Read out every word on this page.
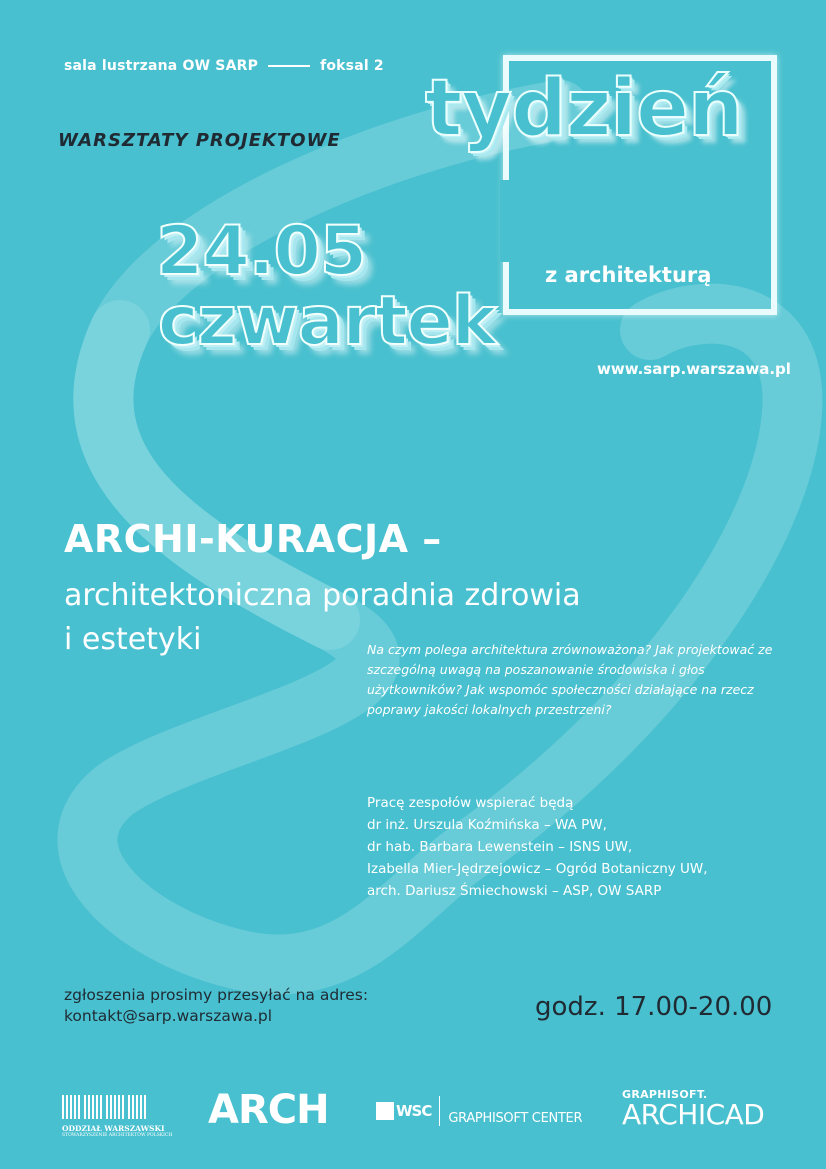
sala lustrzana OW SARP	foksal 2
WARSZTATY PROJEKTOWE tydzień
z architekturą
24.05
czwartek
www.sarp.warszawa.pl
ARCHI-KURACJA –
architektoniczna poradnia zdrowia
i estetyki	Na czym polega architektura zrównoważona? Jak projektować ze szczególną uwagą na poszanowanie środowiska i głos użytkowników? Jak wspomóc społeczności działające na rzecz poprawy jakości lokalnych przestrzeni?
Pracę zespołów wspierać będą
dr inż. Urszula Koźmińska – WA PW,
dr hab. Barbara Lewenstein – ISNS UW,
Izabella Mier-Jędrzejowicz – Ogród Botaniczny UW,
arch. Dariusz Śmiechowski – ASP, OW SARP
zgłoszenia prosimy przesyłać na adres:
kontakt@sarp.warszawa.pl	godz. 17.00-20.00
ODDZIAŁ WARSZAWSKI
STOWARZYSZENIE ARCHITEKTÓW POLSKICH
ARCH	WSC GRAPHISOFT CENTER
GRAPHISOFT.
ARCHICAD
